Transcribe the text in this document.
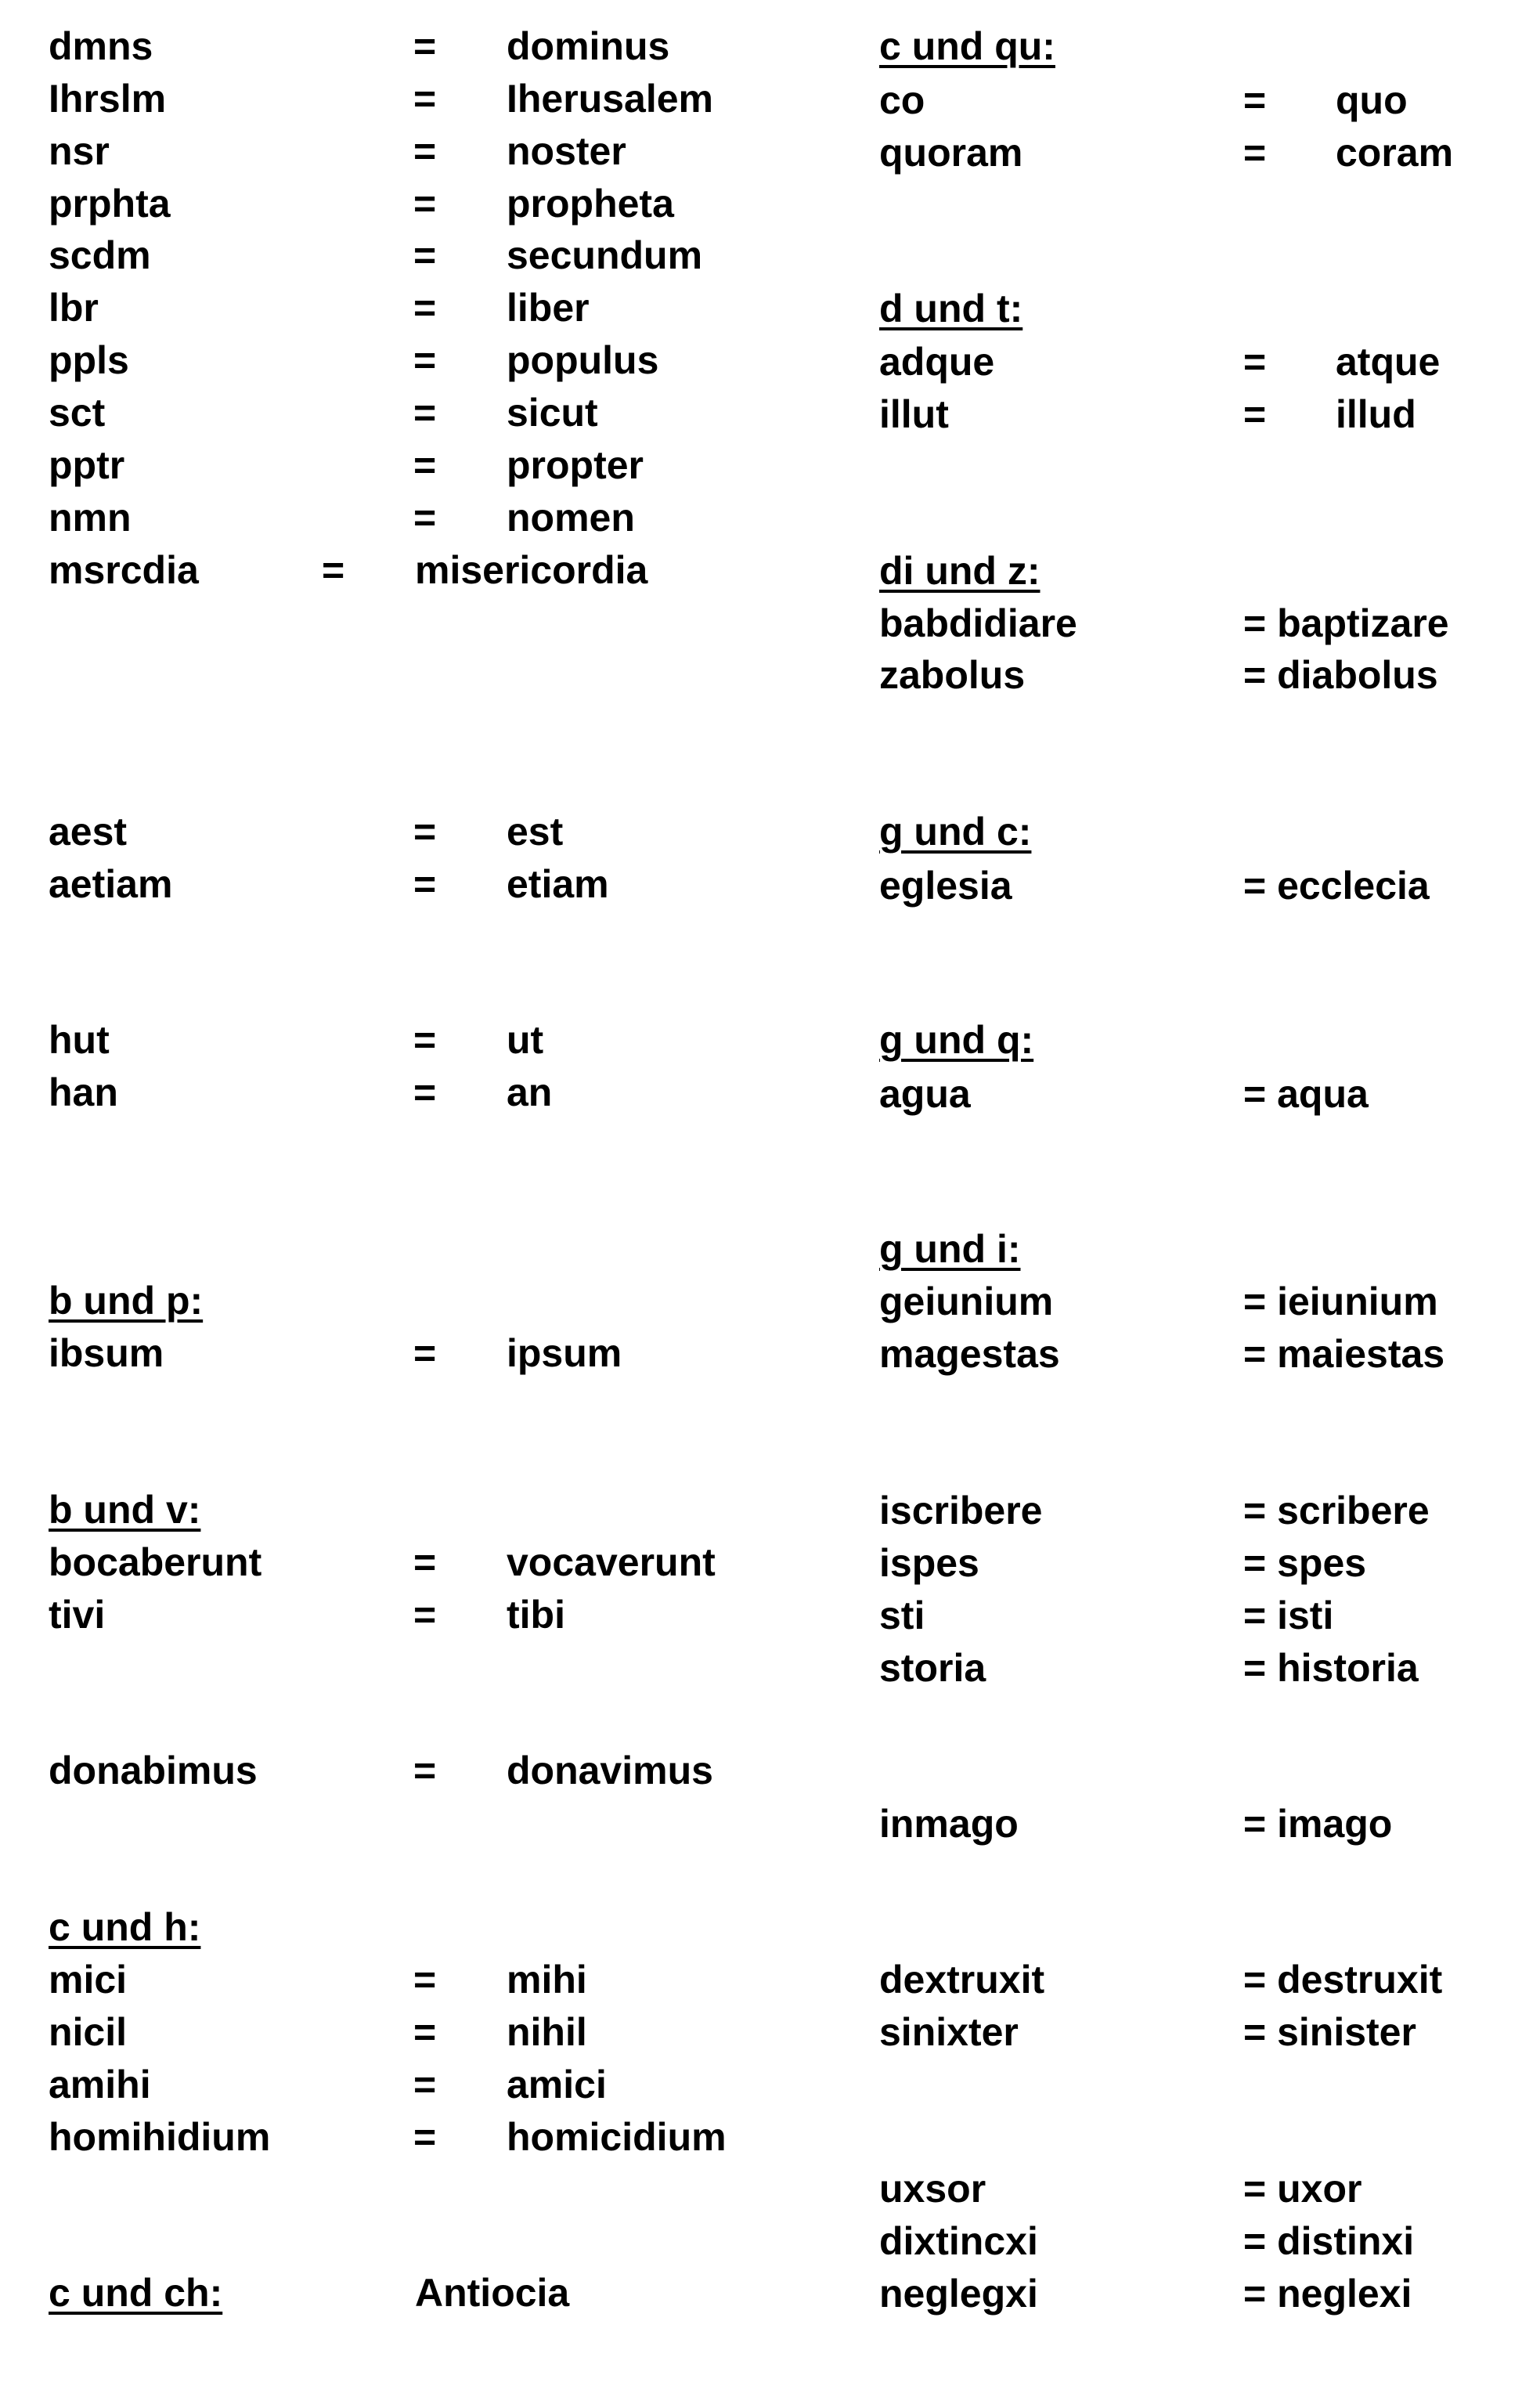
dmns	= dominus
Ihrslm	= Iherusalem
nsr	= noster
prphta	= propheta
scdm	= secundum
lbr	= liber
ppls	= populus
sct	= sicut
pptr	= propter
nmn	= nomen
msrcdia	= misericordia
aest	= est
aetiam	= etiam
hut	= ut
han	= an
b und p:
ibsum	= ipsum
b und v:
bocaberunt	= vocaverunt
tivi	= tibi
donabimus	= donavimus
c und h:
mici	= mihi
nicil	= nihil
amihi	= amici
homihidium	= homicidium
c und ch:	Antiocia
c und qu:
co	= quo
quoram	= coram
d und t:
adque	= atque
illut	= illud
di und z:
babdidiare	= baptizare
zabolus	= diabolus
g und c:
eglesia	= ecclecia
g und q:
agua	= aqua
g und i:
geiunium	= ieiunium
magestas	= maiestas
iscribere	= scribere
ispes	= spes
sti	= isti
storia	= historia
inmago	= imago
dextruxit	= destruxit
sinixter	= sinister
uxsor	= uxor
dixtincxi	= distinxi
neglegxi	= neglexi
